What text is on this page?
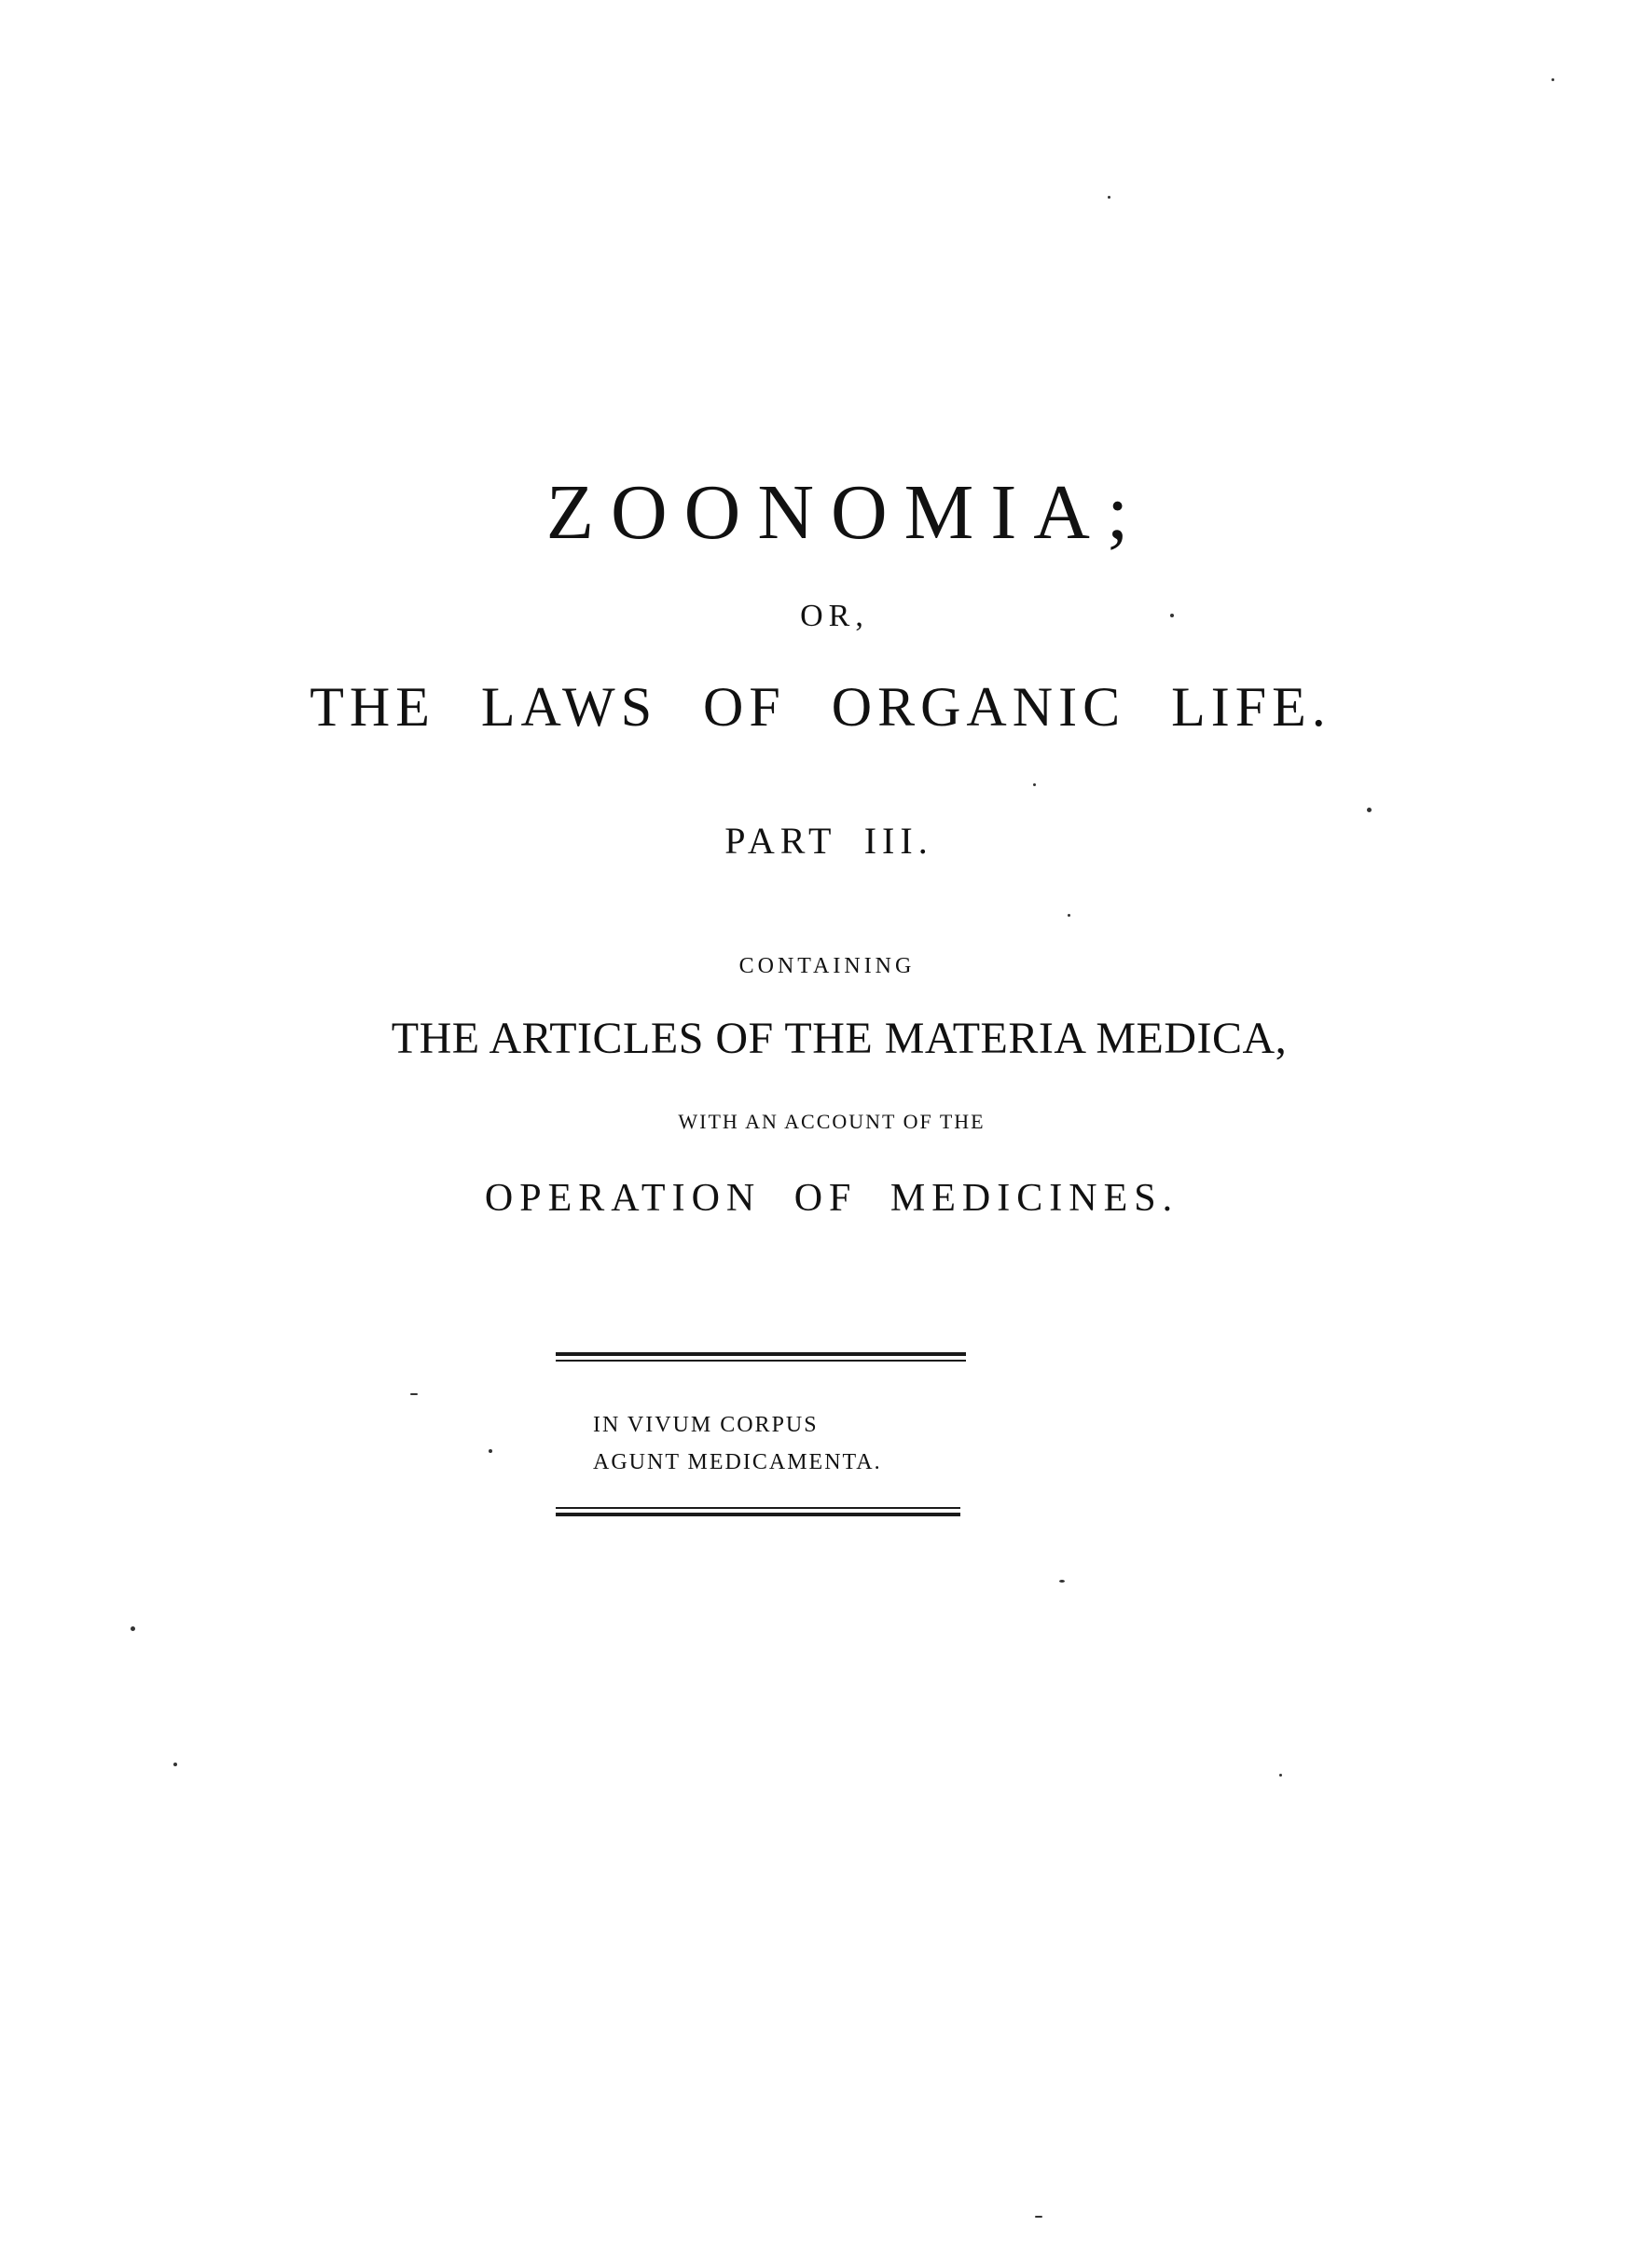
ZOONOMIA;
OR,
THE LAWS OF ORGANIC LIFE.
PART III.
CONTAINING
THE ARTICLES OF THE MATERIA MEDICA,
WITH AN ACCOUNT OF THE
OPERATION OF MEDICINES.
IN VIVUM CORPUS
AGUNT MEDICAMENTA.
